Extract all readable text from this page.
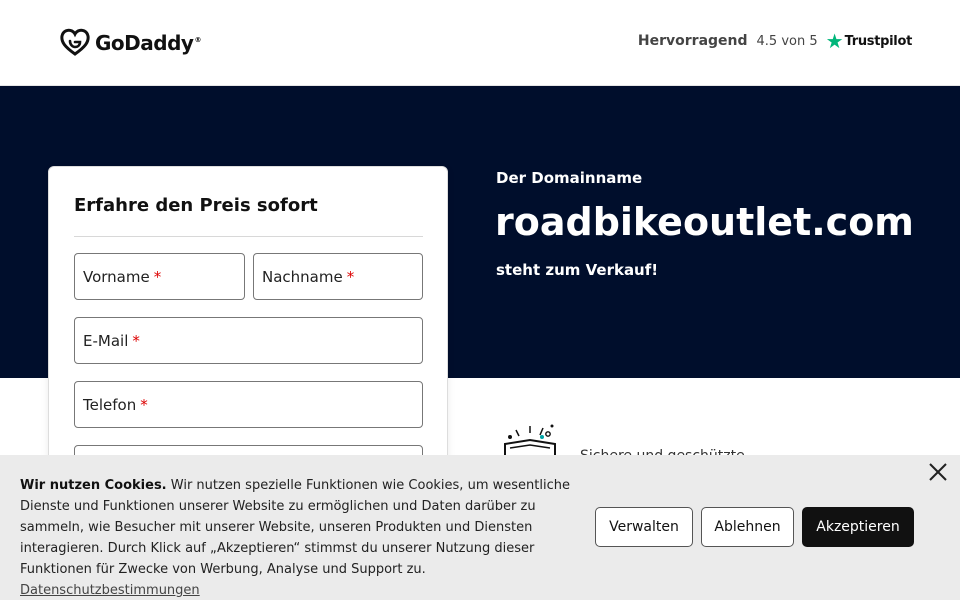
GoDaddy®	Hervorragend 4.5 von 5 ★ Trustpilot
Der Domainname
roadbikeoutlet.com
steht zum Verkauf!
Erfahre den Preis sofort
Vorname *	Nachname *
E-Mail *
Telefon *
Wir nutzen Cookies. Wir nutzen spezielle Funktionen wie Cookies, um wesentliche Dienste und Funktionen unserer Website zu ermöglichen und Daten darüber zu sammeln, wie Besucher mit unserer Website, unseren Produkten und Diensten interagieren. Durch Klick auf „Akzeptieren“ stimmst du unserer Nutzung dieser Funktionen für Zwecke von Werbung, Analyse und Support zu. Datenschutzbestimmungen
Verwalten	Ablehnen	Akzeptieren
